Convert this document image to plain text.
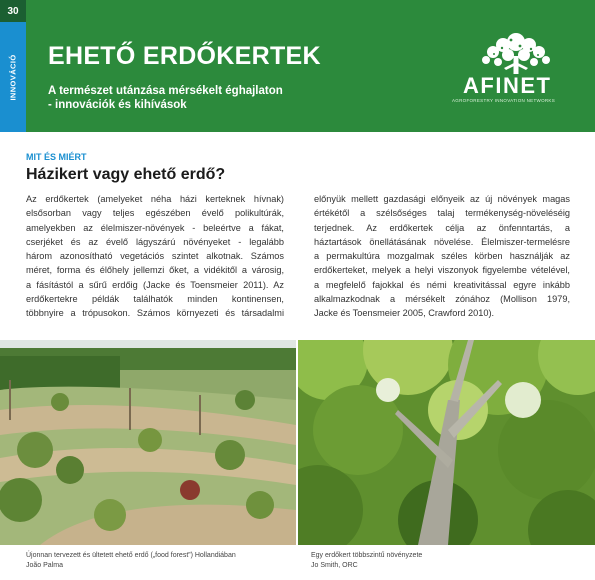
30
INNOVÁCIÓ EHETŐ ERDŐKERTEK
A természet utánzása mérsékelt éghajlaton
- innovációk és kihívások
AFINET
AGROFORESTRY INNOVATION NETWORKS
MIT ÉS MIÉRT
Házikert vagy ehető erdő?
Az erdőkertek (amelyeket néha házi kerteknek hívnak)
elsősorban vagy teljes egészében évelő polikultúrák,
amelyekben az élelmiszer-növények - beleértve a fákat,
cserjéket és az évelő lágyszárú növényeket - legalább
három azonosítható vegetációs szintet alkotnak. Számos
méret, forma és élőhely jellemzi őket, a vidékitől a városig,
a fásítástól a sűrű erdőig (Jacke és Toensmeier 2011). Az
erdőkertekre példák találhatók minden kontinensen,
többnyire a trópusokon. Számos környezeti és társadalmi
előnyük mellett gazdasági előnyeik az új növények magas
értékétől a szélsőséges talaj termékenység-növeléséig
terjednek. Az erdőkertek célja az önfenntartás, a
háztartások önellátásának növelése. Élelmiszer-termelésre
a permakultúra mozgalmak széles körben használják az
erdőkerteket, melyek a helyi viszonyok figyelembe vételével,
a megfelelő fajokkal és némi kreativitással egyre inkább
alkalmazkodnak a mérsékelt zónához (Mollison 1979,
Jacke és Toensmeier 2005, Crawford 2010).
Újonnan tervezett és ültetett ehető erdő („food forest”) Hollandiában
João Palma
Egy erdőkert többszintű növényzete
Jo Smith, ORC
